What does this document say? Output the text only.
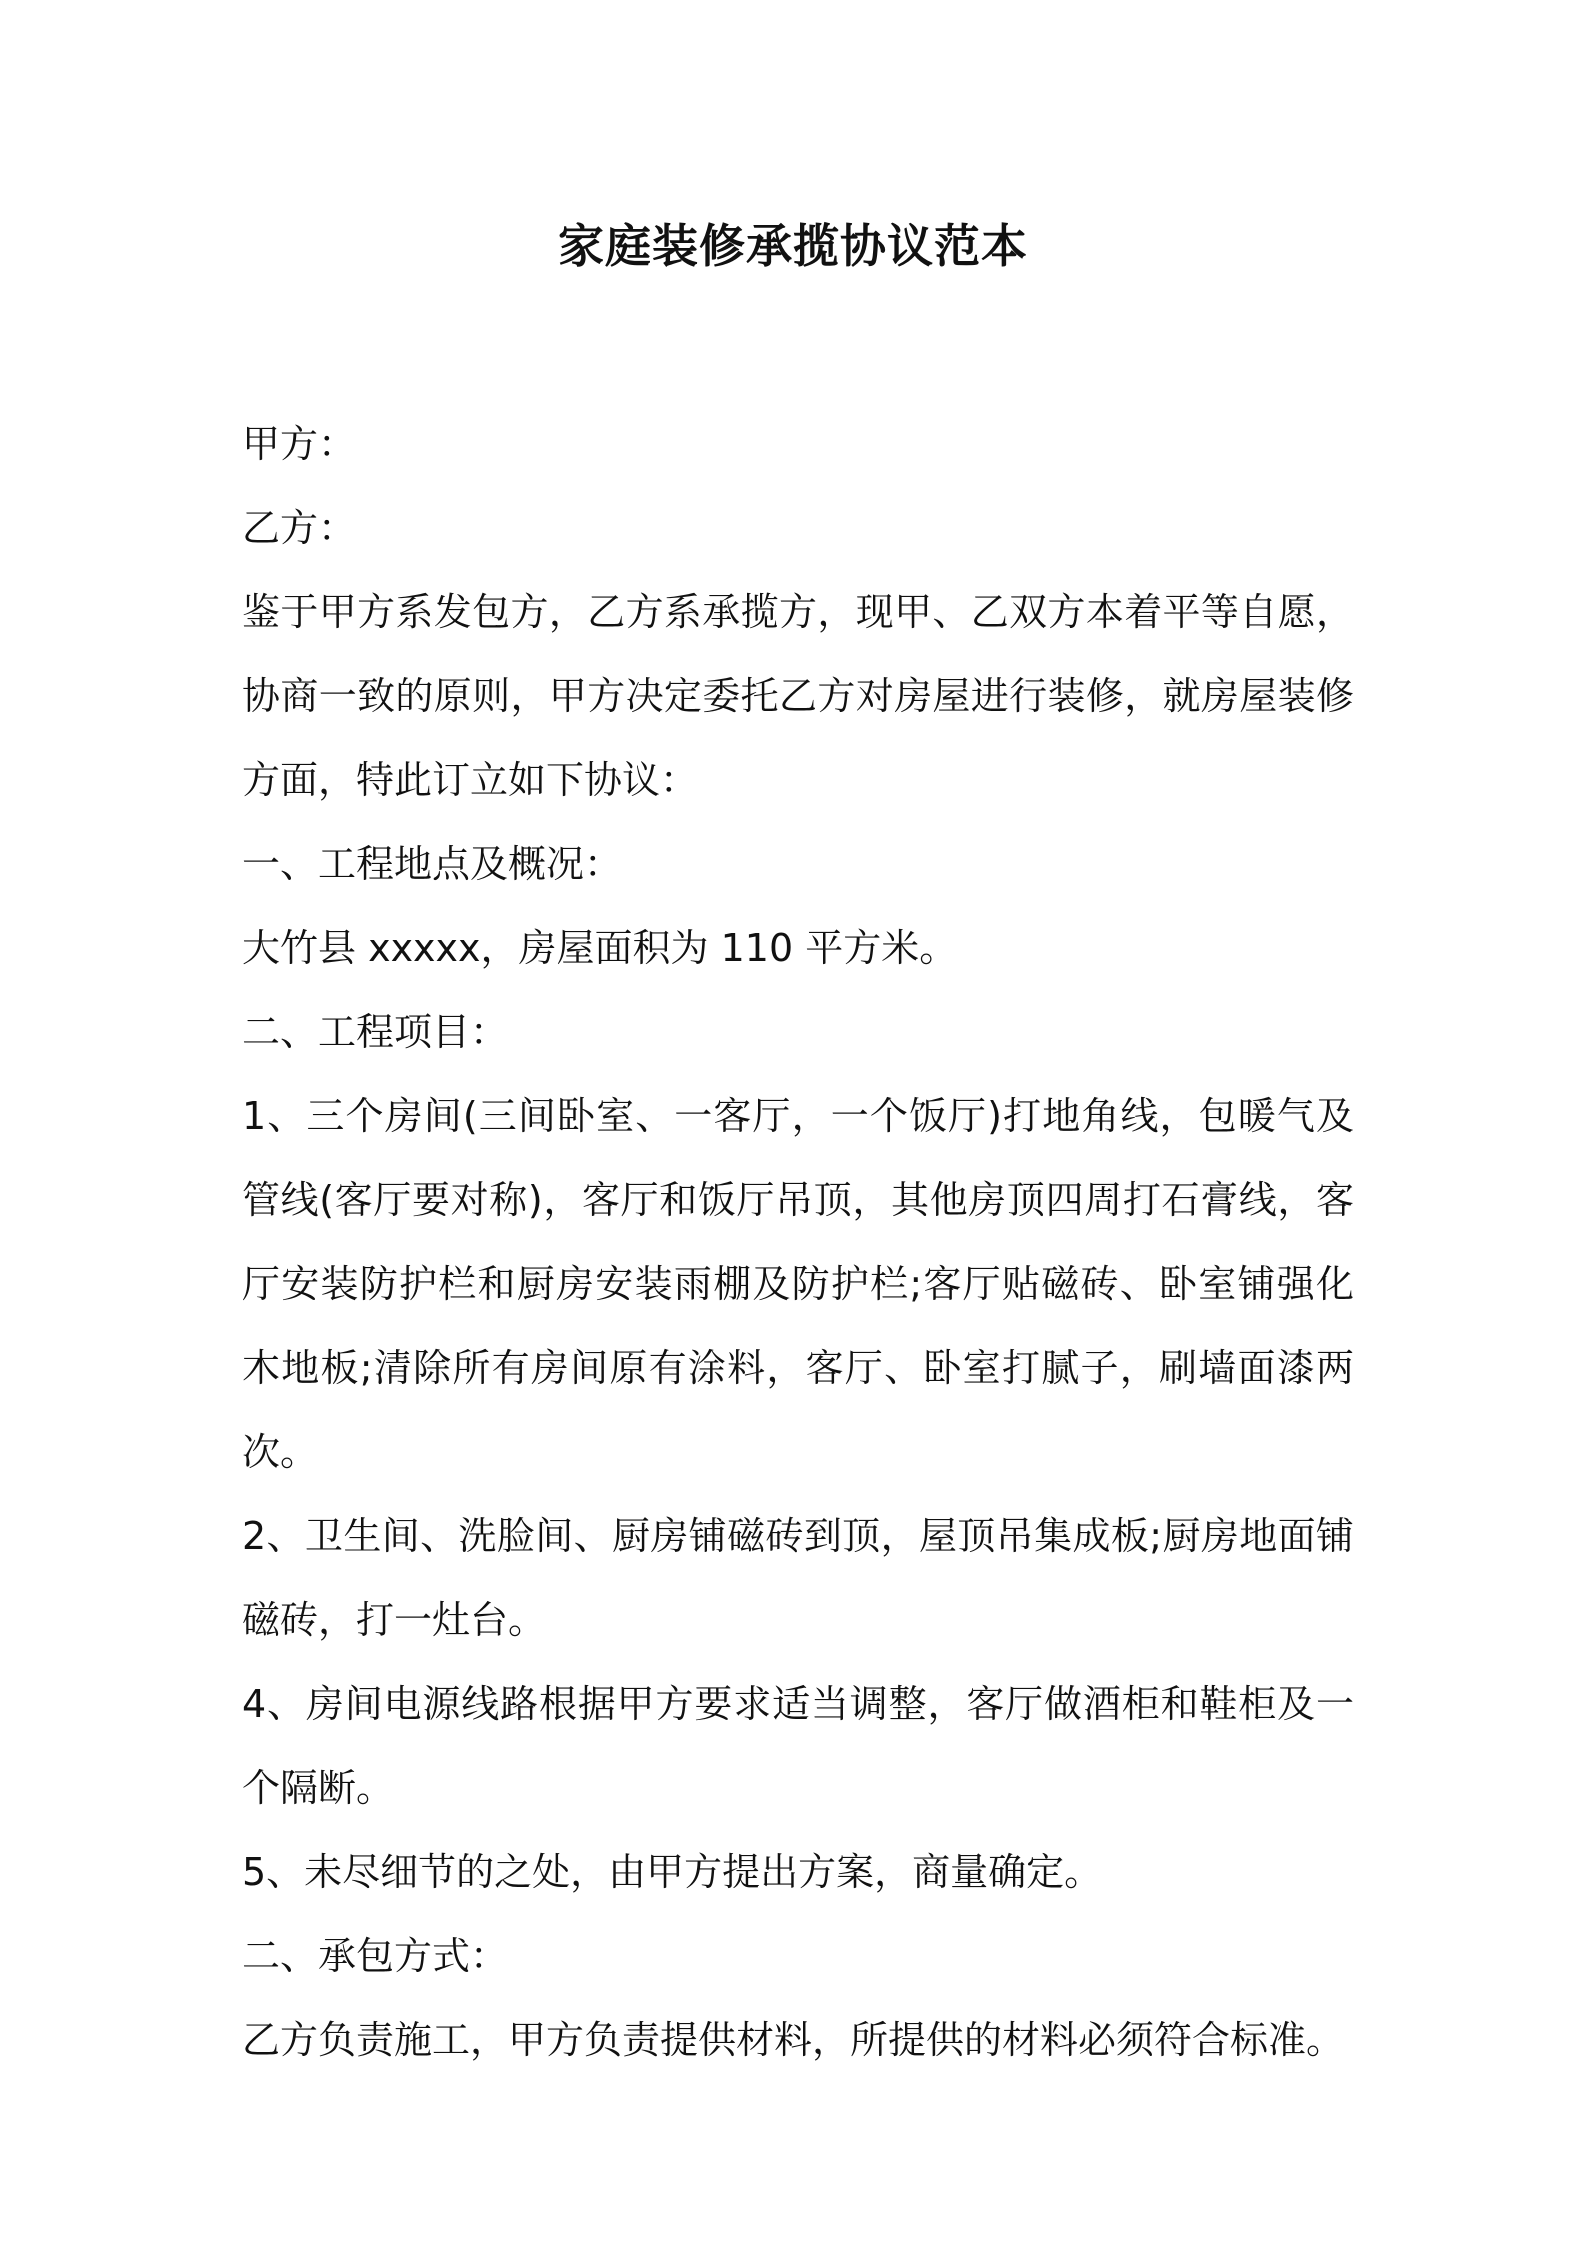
家庭装修承揽协议范本

甲方：

乙方：

鉴于甲方系发包方，乙方系承揽方，现甲、乙双方本着平等自愿，协商一致的原则，甲方决定委托乙方对房屋进行装修，就房屋装修方面，特此订立如下协议：

一、工程地点及概况：

大竹县 xxxxx，房屋面积为 110 平方米。

二、工程项目：

1、三个房间(三间卧室、一客厅，一个饭厅)打地角线，包暖气及管线(客厅要对称)，客厅和饭厅吊顶，其他房顶四周打石膏线，客厅安装防护栏和厨房安装雨棚及防护栏;客厅贴磁砖、卧室铺强化木地板;清除所有房间原有涂料，客厅、卧室打腻子，刷墙面漆两次。

2、卫生间、洗脸间、厨房铺磁砖到顶，屋顶吊集成板;厨房地面铺磁砖，打一灶台。

4、房间电源线路根据甲方要求适当调整，客厅做酒柜和鞋柜及一个隔断。

5、未尽细节的之处，由甲方提出方案，商量确定。

二、承包方式：

乙方负责施工，甲方负责提供材料，所提供的材料必须符合标准。
